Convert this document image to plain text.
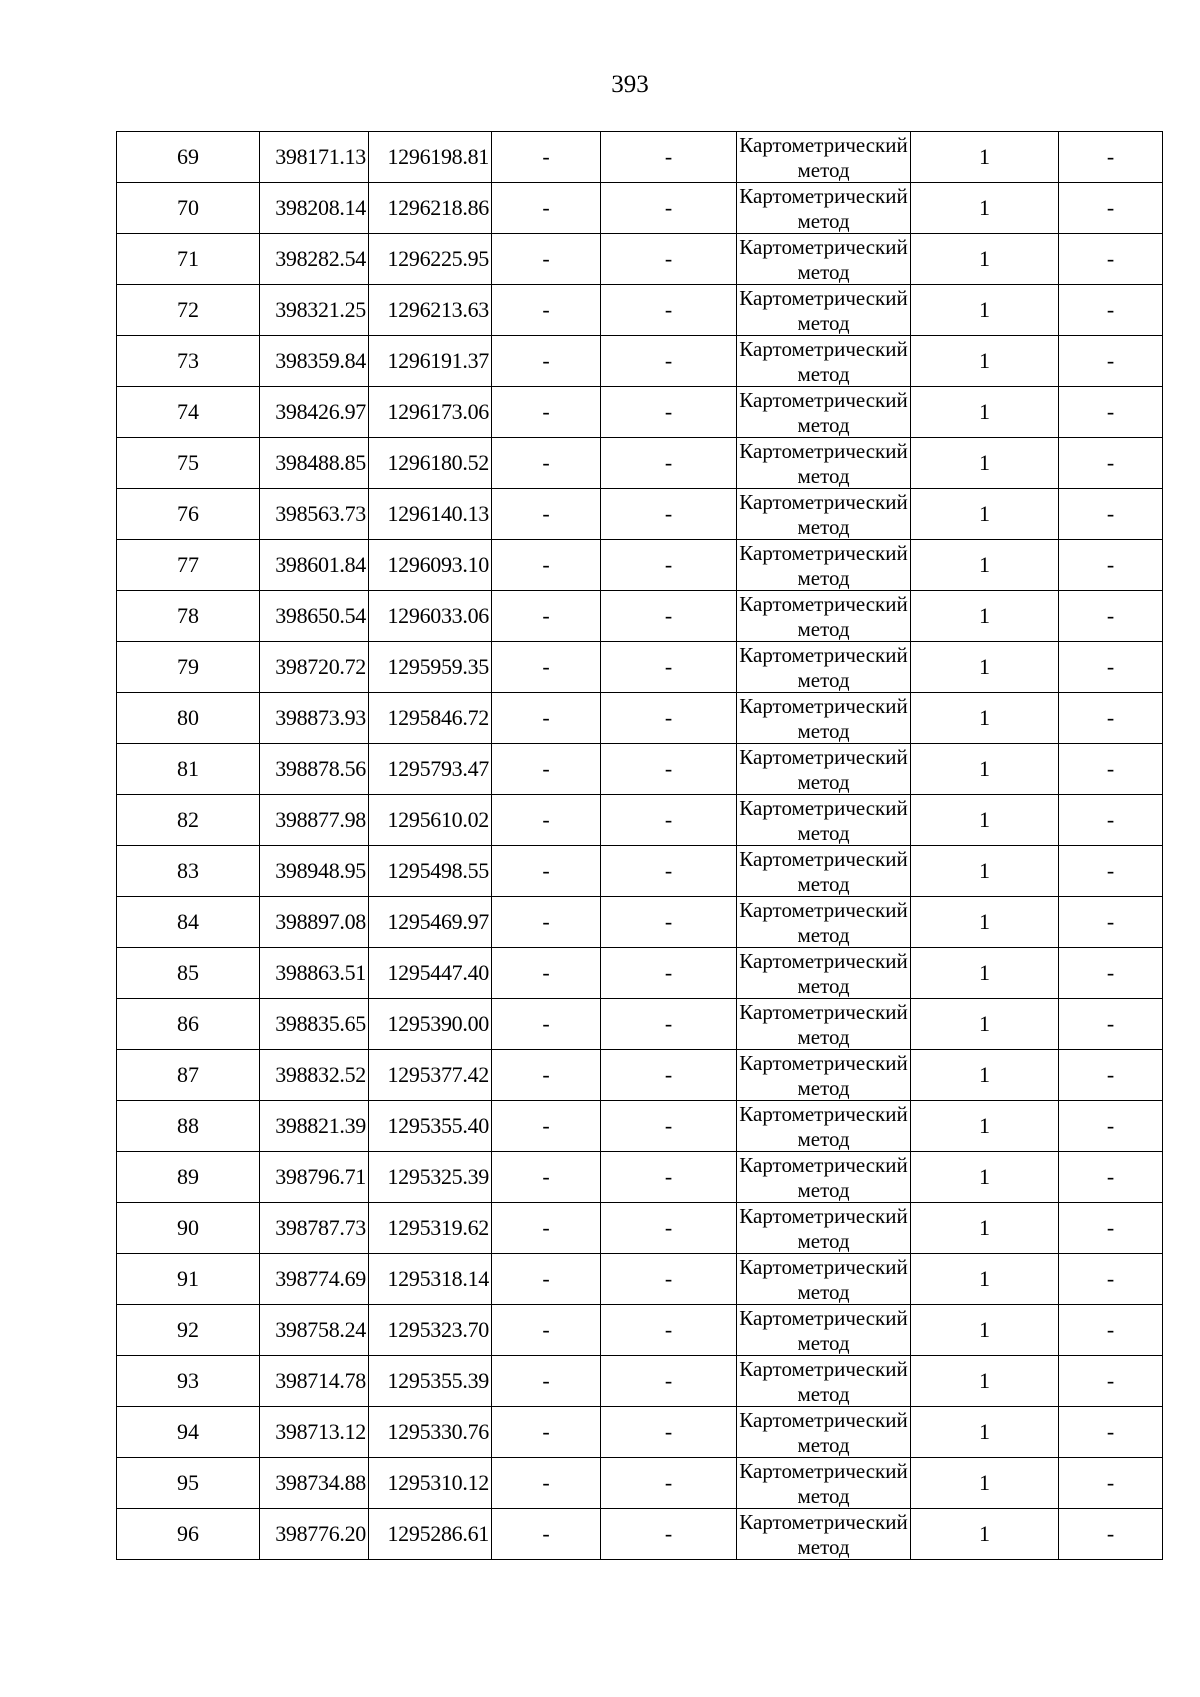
393
69	398171.13	1296198.81	-	-	Картометрический метод	1	-
70	398208.14	1296218.86	-	-	Картометрический метод	1	-
71	398282.54	1296225.95	-	-	Картометрический метод	1	-
72	398321.25	1296213.63	-	-	Картометрический метод	1	-
73	398359.84	1296191.37	-	-	Картометрический метод	1	-
74	398426.97	1296173.06	-	-	Картометрический метод	1	-
75	398488.85	1296180.52	-	-	Картометрический метод	1	-
76	398563.73	1296140.13	-	-	Картометрический метод	1	-
77	398601.84	1296093.10	-	-	Картометрический метод	1	-
78	398650.54	1296033.06	-	-	Картометрический метод	1	-
79	398720.72	1295959.35	-	-	Картометрический метод	1	-
80	398873.93	1295846.72	-	-	Картометрический метод	1	-
81	398878.56	1295793.47	-	-	Картометрический метод	1	-
82	398877.98	1295610.02	-	-	Картометрический метод	1	-
83	398948.95	1295498.55	-	-	Картометрический метод	1	-
84	398897.08	1295469.97	-	-	Картометрический метод	1	-
85	398863.51	1295447.40	-	-	Картометрический метод	1	-
86	398835.65	1295390.00	-	-	Картометрический метод	1	-
87	398832.52	1295377.42	-	-	Картометрический метод	1	-
88	398821.39	1295355.40	-	-	Картометрический метод	1	-
89	398796.71	1295325.39	-	-	Картометрический метод	1	-
90	398787.73	1295319.62	-	-	Картометрический метод	1	-
91	398774.69	1295318.14	-	-	Картометрический метод	1	-
92	398758.24	1295323.70	-	-	Картометрический метод	1	-
93	398714.78	1295355.39	-	-	Картометрический метод	1	-
94	398713.12	1295330.76	-	-	Картометрический метод	1	-
95	398734.88	1295310.12	-	-	Картометрический метод	1	-
96	398776.20	1295286.61	-	-	Картометрический метод	1	-
